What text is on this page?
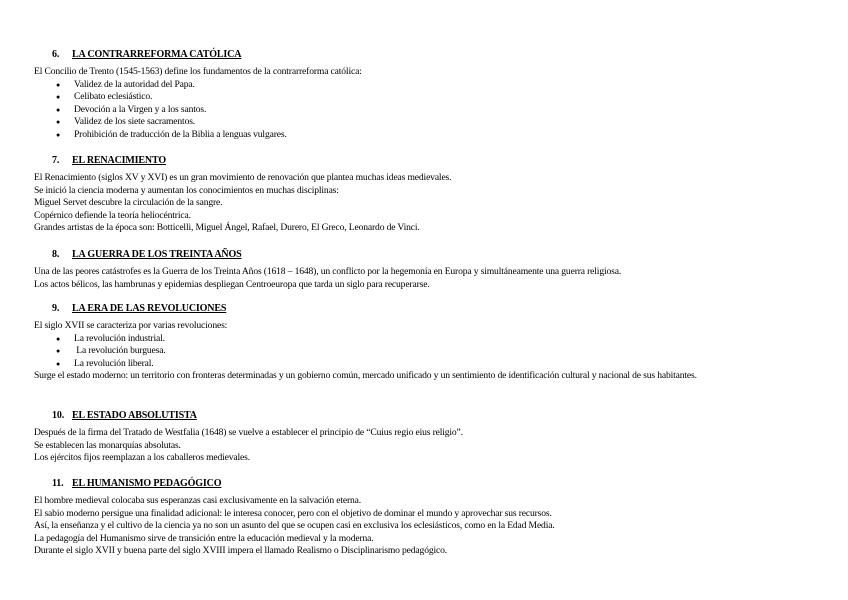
6. LA CONTRARREFORMA CATÓLICA

El Concilio de Trento (1545-1563) define los fundamentos de la contrarreforma católica:

● Validez de la autoridad del Papa.
● Celibato eclesiástico.
● Devoción a la Virgen y a los santos.
● Validez de los siete sacramentos.
● Prohibición de traducción de la Biblia a lenguas vulgares.
7. EL RENACIMIENTO

El Renacimiento (siglos XV y XVI) es un gran movimiento de renovación que plantea muchas ideas medievales.

Se inició la ciencia moderna y aumentan los conocimientos en muchas disciplinas:

Miguel Servet descubre la circulación de la sangre.

Copérnico defiende la teoría heliocéntrica.

Grandes artistas de la época son: Botticelli, Miguel Ángel, Rafael, Durero, El Greco, Leonardo de Vinci.

8. LA GUERRA DE LOS TREINTA AÑOS

Una de las peores catástrofes es la Guerra de los Treinta Años (1618 – 1648), un conflicto por la hegemonía en Europa y simultáneamente una guerra religiosa.

Los actos bélicos, las hambrunas y epidemias despliegan Centroeuropa que tarda un siglo para recuperarse.

9. LA ERA DE LAS REVOLUCIONES

El siglo XVII se caracteriza por varias revoluciones:

● La revolución industrial.
●  La revolución burguesa.
● La revolución liberal.

Surge el estado moderno: un territorio con fronteras determinadas y un gobierno común, mercado unificado y un sentimiento de identificación cultural y nacional de sus habitantes.

10. EL ESTADO ABSOLUTISTA

Después de la firma del Tratado de Westfalia (1648) se vuelve a establecer el principio de “Cuius regio eius religio”.

Se establecen las monarquías absolutas.

Los ejércitos fijos reemplazan a los caballeros medievales.

11. EL HUMANISMO PEDAGÓGICO

El hombre medieval colocaba sus esperanzas casi exclusivamente en la salvación eterna.

El sabio moderno persigue una finalidad adicional: le interesa conocer, pero con el objetivo de dominar el mundo y aprovechar sus recursos.

Así, la enseñanza y el cultivo de la ciencia ya no son un asunto del que se ocupen casi en exclusiva los eclesiásticos, como en la Edad Media.

La pedagogía del Humanismo sirve de transición entre la educación medieval y la moderna.

Durante el siglo XVII y buena parte del siglo XVIII impera el llamado Realismo o Disciplinarismo pedagógico.
